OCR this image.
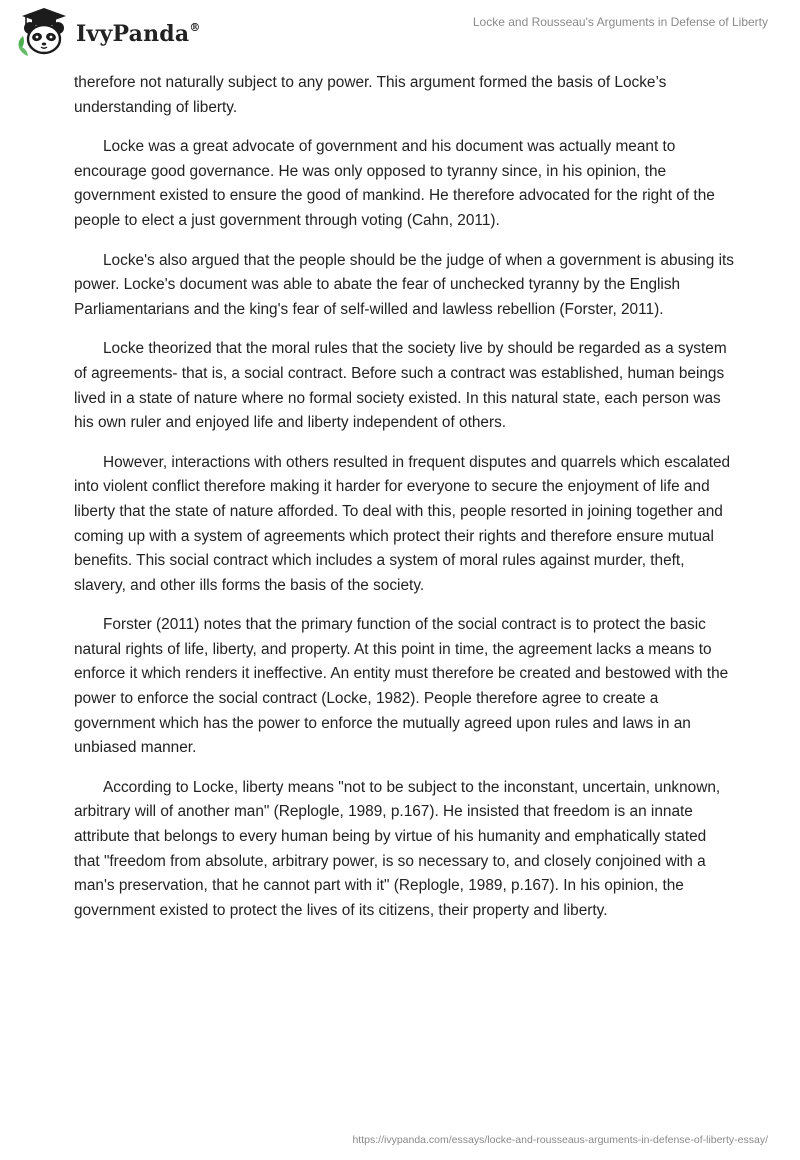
IvyPanda®	Locke and Rousseau's Arguments in Defense of Liberty

therefore not naturally subject to any power. This argument formed the basis of Locke’s understanding of liberty.

Locke was a great advocate of government and his document was actually meant to encourage good governance. He was only opposed to tyranny since, in his opinion, the government existed to ensure the good of mankind. He therefore advocated for the right of the people to elect a just government through voting (Cahn, 2011).

Locke's also argued that the people should be the judge of when a government is abusing its power. Locke's document was able to abate the fear of unchecked tyranny by the English Parliamentarians and the king's fear of self-willed and lawless rebellion (Forster, 2011).

Locke theorized that the moral rules that the society live by should be regarded as a system of agreements- that is, a social contract. Before such a contract was established, human beings lived in a state of nature where no formal society existed. In this natural state, each person was his own ruler and enjoyed life and liberty independent of others.

However, interactions with others resulted in frequent disputes and quarrels which escalated into violent conflict therefore making it harder for everyone to secure the enjoyment of life and liberty that the state of nature afforded. To deal with this, people resorted in joining together and coming up with a system of agreements which protect their rights and therefore ensure mutual benefits. This social contract which includes a system of moral rules against murder, theft, slavery, and other ills forms the basis of the society.

Forster (2011) notes that the primary function of the social contract is to protect the basic natural rights of life, liberty, and property. At this point in time, the agreement lacks a means to enforce it which renders it ineffective. An entity must therefore be created and bestowed with the power to enforce the social contract (Locke, 1982). People therefore agree to create a government which has the power to enforce the mutually agreed upon rules and laws in an unbiased manner.

According to Locke, liberty means "not to be subject to the inconstant, uncertain, unknown, arbitrary will of another man" (Replogle, 1989, p.167). He insisted that freedom is an innate attribute that belongs to every human being by virtue of his humanity and emphatically stated that "freedom from absolute, arbitrary power, is so necessary to, and closely conjoined with a man's preservation, that he cannot part with it" (Replogle, 1989, p.167). In his opinion, the government existed to protect the lives of its citizens, their property and liberty.

https://ivypanda.com/essays/locke-and-rousseaus-arguments-in-defense-of-liberty-essay/
